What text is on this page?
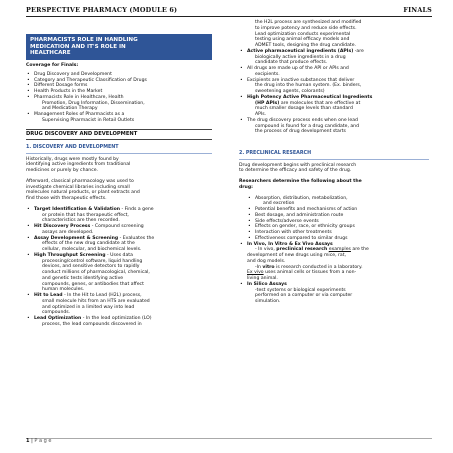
PERSPECTIVE PHARMACY (MODULE 6)	FINALS
PHARMACISTS ROLE IN HANDLING
MEDICATION AND IT'S ROLE IN
HEALTHCARE

Coverage for Finals:

• Drug Discovery and Development
• Category and Therapeutic Classification of Drugs
• Different Dosage forms
• Health Products in the Market
• Pharmacists Role in Healthcare, Health
Promotion, Drug Information, Dissemination,
and Medication Therapy
• Management Roles of Pharmacists as a
Supervising Pharmacist in Retail Outlets
DRUG DISCOVERY AND DEVELOPMENT
1. DISCOVERY AND DEVELOPMENT

Historically, drugs were mostly found by
identifying active ingredients from traditional
medicines or purely by chance.

Afterward, classical pharmacology was used to
investigate chemical libraries including small
molecules natural products, or plant extracts and
find those with therapeutic effects.

• Target Identification & Validation - Finds a gene
or protein that has therapeutic effect,
characteristics are then recorded.
• Hit Discovery Process - Compound screening
assays are developed.
• Assay Development & Screening - Evaluates the
effects of the new drug candidate at the
cellular, molecular, and biochemical levels.
• High Throughput Screening - Uses data
processing/control software, liquid handling
devices, and sensitive detectors to rapidly
conduct millions of pharmacological, chemical,
and genetic tests identifying active
compounds, genes, or antibodies that affect
human molecules.
• Hit to Lead - In the Hit to Lead (H2L) process,
small molecule hits from an HTS are evaluated
and optimized in a limited way into lead
compounds.
• Lead Optimization - In the lead optimization (LO)
process, the lead compounds discovered in
the H2L process are synthesized and modified
to improve potency and reduce side effects.
Lead optimization conducts experimental
testing using animal efficacy models and
ADMET tools, designing the drug candidate.
• Active pharmaceutical ingredients (APIs) -are
biologically active ingredients in a drug
candidate that produce effects.
• All drugs are made up of the API or APIs and
excipients.
• Excipients are inactive substances that deliver
the drug into the human system. (Ex. binders,
sweetening agents, colorants)
• High Potency Active Pharmaceutical Ingredients
(HP APIs) are molecules that are effective at
much smaller dosage levels than standard
APIs.
• The drug discovery process ends when one lead
compound is found for a drug candidate, and
the process of drug development starts
2. PRECLINICAL RESEARCH

Drug development begins with preclinical research
to determine the efficacy and safety of the drug.

Researchers determine the following about the
drug:

• Absorption, distribution, metabolization,
and excretion
• Potential benefits and mechanisms of action
• Best dosage, and administration route
• Side effects/adverse events
• Effects on gender, race, or ethnicity groups
• Interaction with other treatments
• Effectiveness compared to similar drugs
• In Vivo, In Vitro & Ex Vivo Assays
- In vivo, preclinical research examples are the
development of new drugs using mice, rat,
and dog models.
-In vitro is research conducted in a laboratory.
Ex vivo uses animal cells or tissues from a non-
living animal.
• In Silico Assays
-test systems or biological experiments
performed on a computer or via computer
simulation.
1 | P a g e
